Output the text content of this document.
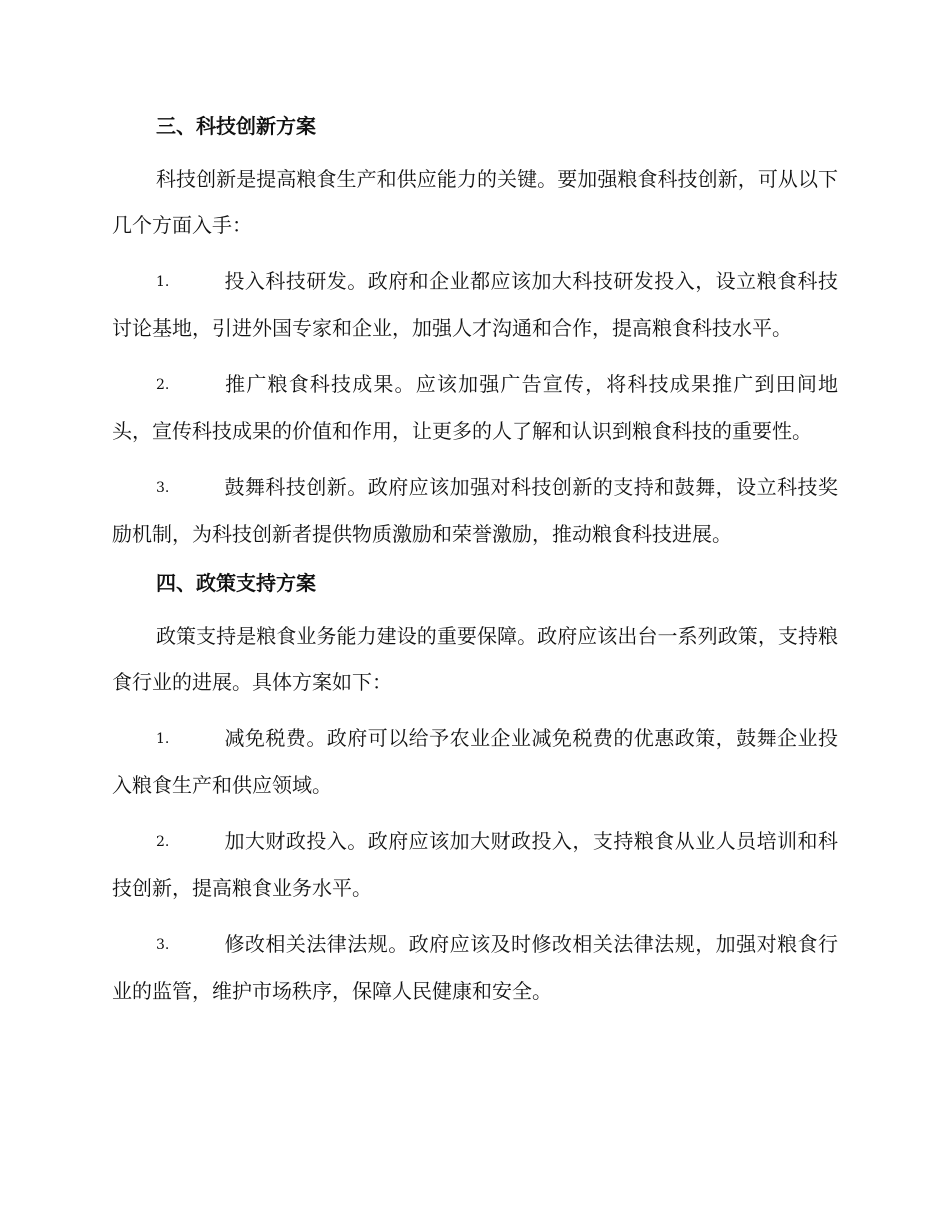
三、科技创新方案

科技创新是提高粮食生产和供应能力的关键。要加强粮食科技创新，可从以下几个方面入手：

1.	投入科技研发。政府和企业都应该加大科技研发投入，设立粮食科技讨论基地，引进外国专家和企业，加强人才沟通和合作，提高粮食科技水平。

2.	推广粮食科技成果。应该加强广告宣传，将科技成果推广到田间地头，宣传科技成果的价值和作用，让更多的人了解和认识到粮食科技的重要性。

3.	鼓舞科技创新。政府应该加强对科技创新的支持和鼓舞，设立科技奖励机制，为科技创新者提供物质激励和荣誉激励，推动粮食科技进展。

四、政策支持方案

政策支持是粮食业务能力建设的重要保障。政府应该出台一系列政策，支持粮食行业的进展。具体方案如下：

1.	减免税费。政府可以给予农业企业减免税费的优惠政策，鼓舞企业投入粮食生产和供应领域。

2.	加大财政投入。政府应该加大财政投入，支持粮食从业人员培训和科技创新，提高粮食业务水平。

3.	修改相关法律法规。政府应该及时修改相关法律法规，加强对粮食行业的监管，维护市场秩序，保障人民健康和安全。
